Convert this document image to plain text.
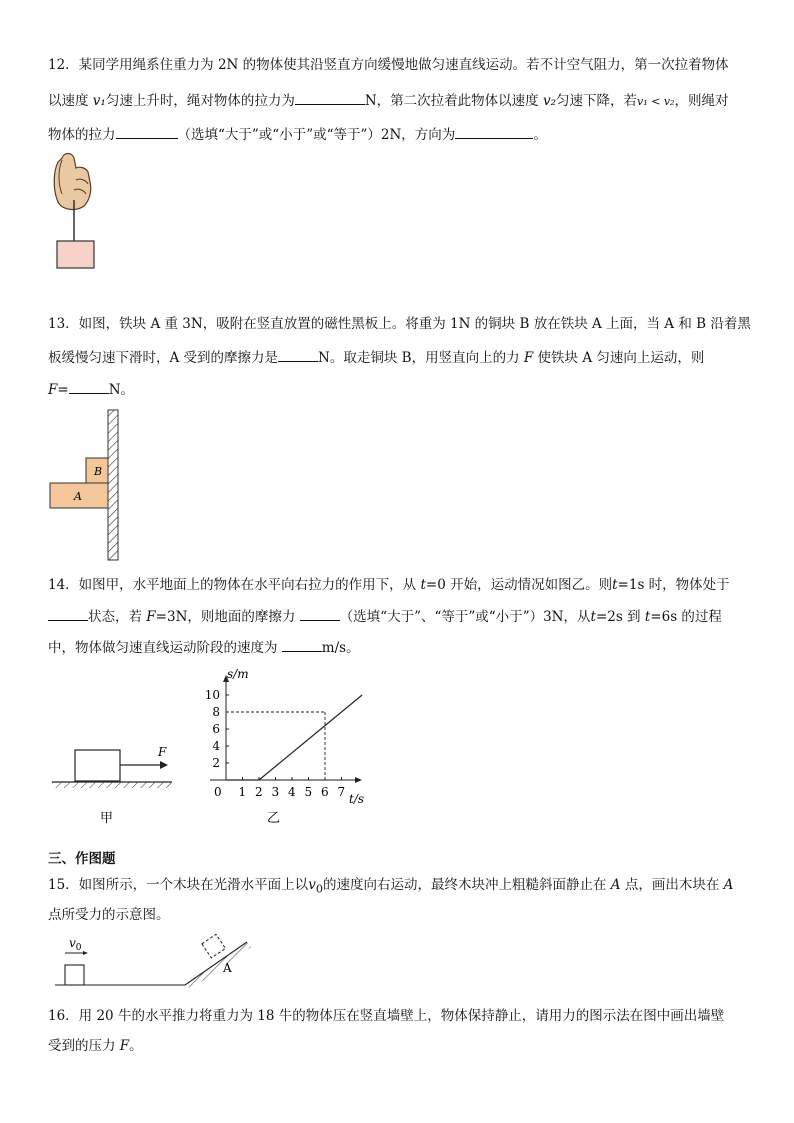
12．某同学用绳系住重力为 2N 的物体使其沿竖直方向缓慢地做匀速直线运动。若不计空气阻力，第一次拉着物体
以速度 v₁匀速上升时，绳对物体的拉力为	N，第二次拉着此物体以速度 v₂匀速下降，若v₁ < v₂，则绳对
物体的拉力	（选填“大于”或“小于”或“等于”）2N，方向为	。
13．如图，铁块 A 重 3N，吸附在竖直放置的磁性黑板上。将重为 1N 的铜块 B 放在铁块 A 上面，当 A 和 B 沿着黑
板缓慢匀速下滑时，A 受到的摩擦力是	N。取走铜块 B，用竖直向上的力 F 使铁块 A 匀速向上运动，则
F=	N。
B
A
14．如图甲，水平地面上的物体在水平向右拉力的作用下，从 t=0 开始，运动情况如图乙。则t=1s 时，物体处于
状态，若 F=3N，则地面的摩擦力	（选填“大于”、“等于”或“小于”）3N，从t=2s 到 t=6s 的过程
中，物体做匀速直线运动阶段的速度为	m/s。
F
甲
s/m
t/s
0 1 2 3 4 5 6 7
2
4
6
8
10
乙
三、作图题
15．如图所示，一个木块在光滑水平面上以$v_0$的速度向右运动，最终木块冲上粗糙斜面静止在 A 点，画出木块在 A
点所受力的示意图。
$v_0$
A
16．用 20 牛的水平推力将重力为 18 牛的物体压在竖直墙壁上，物体保持静止，请用力的图示法在图中画出墙壁
受到的压力 F。
